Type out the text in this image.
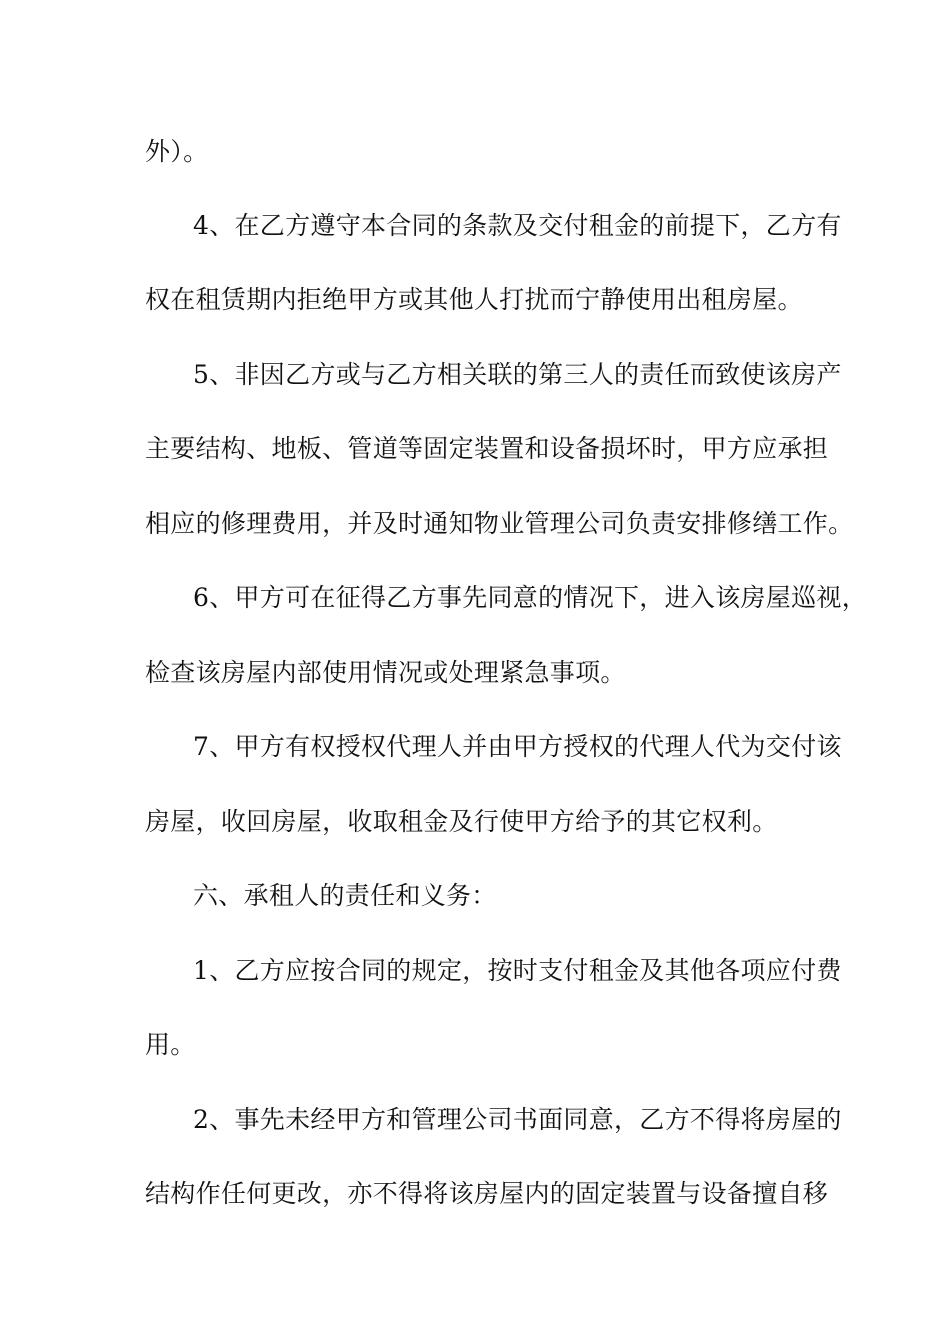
外）。
4、在乙方遵守本合同的条款及交付租金的前提下，乙方有
权在租赁期内拒绝甲方或其他人打扰而宁静使用出租房屋。
5、非因乙方或与乙方相关联的第三人的责任而致使该房产
主要结构、地板、管道等固定装置和设备损坏时，甲方应承担
相应的修理费用，并及时通知物业管理公司负责安排修缮工作。
6、甲方可在征得乙方事先同意的情况下，进入该房屋巡视，
检查该房屋内部使用情况或处理紧急事项。
7、甲方有权授权代理人并由甲方授权的代理人代为交付该
房屋，收回房屋，收取租金及行使甲方给予的其它权利。
六、承租人的责任和义务：
1、乙方应按合同的规定，按时支付租金及其他各项应付费
用。
2、事先未经甲方和管理公司书面同意，乙方不得将房屋的
结构作任何更改，亦不得将该房屋内的固定装置与设备擅自移
